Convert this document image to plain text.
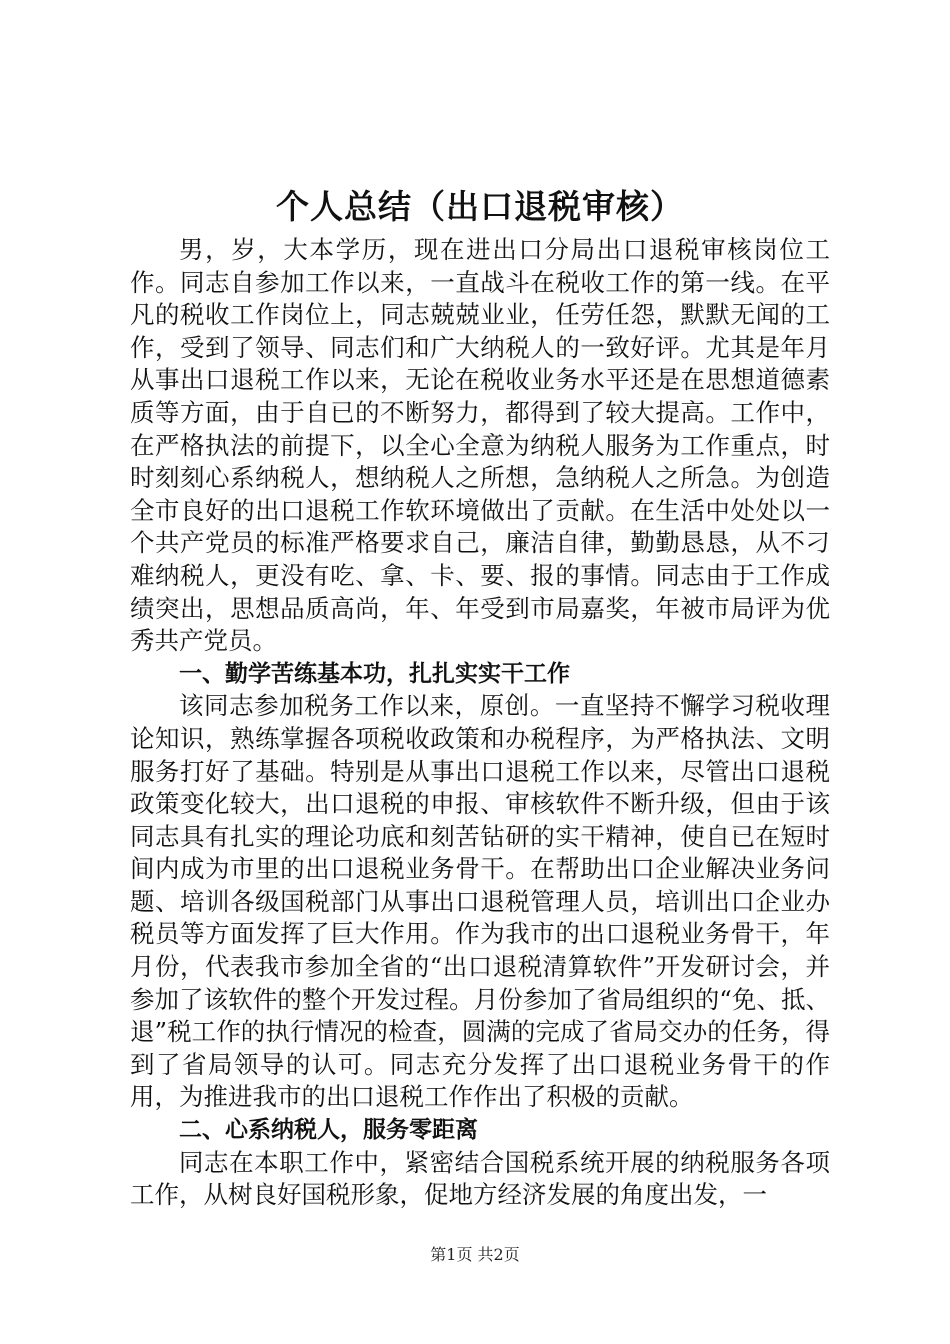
个人总结（出口退税审核）

男，岁，大本学历，现在进出口分局出口退税审核岗位工作。同志自参加工作以来，一直战斗在税收工作的第一线。在平凡的税收工作岗位上，同志兢兢业业，任劳任怨，默默无闻的工作，受到了领导、同志们和广大纳税人的一致好评。尤其是年月从事出口退税工作以来，无论在税收业务水平还是在思想道德素质等方面，由于自已的不断努力，都得到了较大提高。工作中，在严格执法的前提下，以全心全意为纳税人服务为工作重点，时时刻刻心系纳税人，想纳税人之所想，急纳税人之所急。为创造全市良好的出口退税工作软环境做出了贡献。在生活中处处以一个共产党员的标准严格要求自己，廉洁自律，勤勤恳恳，从不刁难纳税人，更没有吃、拿、卡、要、报的事情。同志由于工作成绩突出，思想品质高尚，年、年受到市局嘉奖，年被市局评为优秀共产党员。

一、勤学苦练基本功，扎扎实实干工作

该同志参加税务工作以来，原创。一直坚持不懈学习税收理论知识，熟练掌握各项税收政策和办税程序，为严格执法、文明服务打好了基础。特别是从事出口退税工作以来，尽管出口退税政策变化较大，出口退税的申报、审核软件不断升级，但由于该同志具有扎实的理论功底和刻苦钻研的实干精神，使自已在短时间内成为市里的出口退税业务骨干。在帮助出口企业解决业务问题、培训各级国税部门从事出口退税管理人员，培训出口企业办税员等方面发挥了巨大作用。作为我市的出口退税业务骨干，年月份，代表我市参加全省的“出口退税清算软件”开发研讨会，并参加了该软件的整个开发过程。月份参加了省局组织的“免、抵、退”税工作的执行情况的检查，圆满的完成了省局交办的任务，得到了省局领导的认可。同志充分发挥了出口退税业务骨干的作用，为推进我市的出口退税工作作出了积极的贡献。

二、心系纳税人，服务零距离

同志在本职工作中，紧密结合国税系统开展的纳税服务各项工作，从树良好国税形象，促地方经济发展的角度出发，一

第1页 共2页
